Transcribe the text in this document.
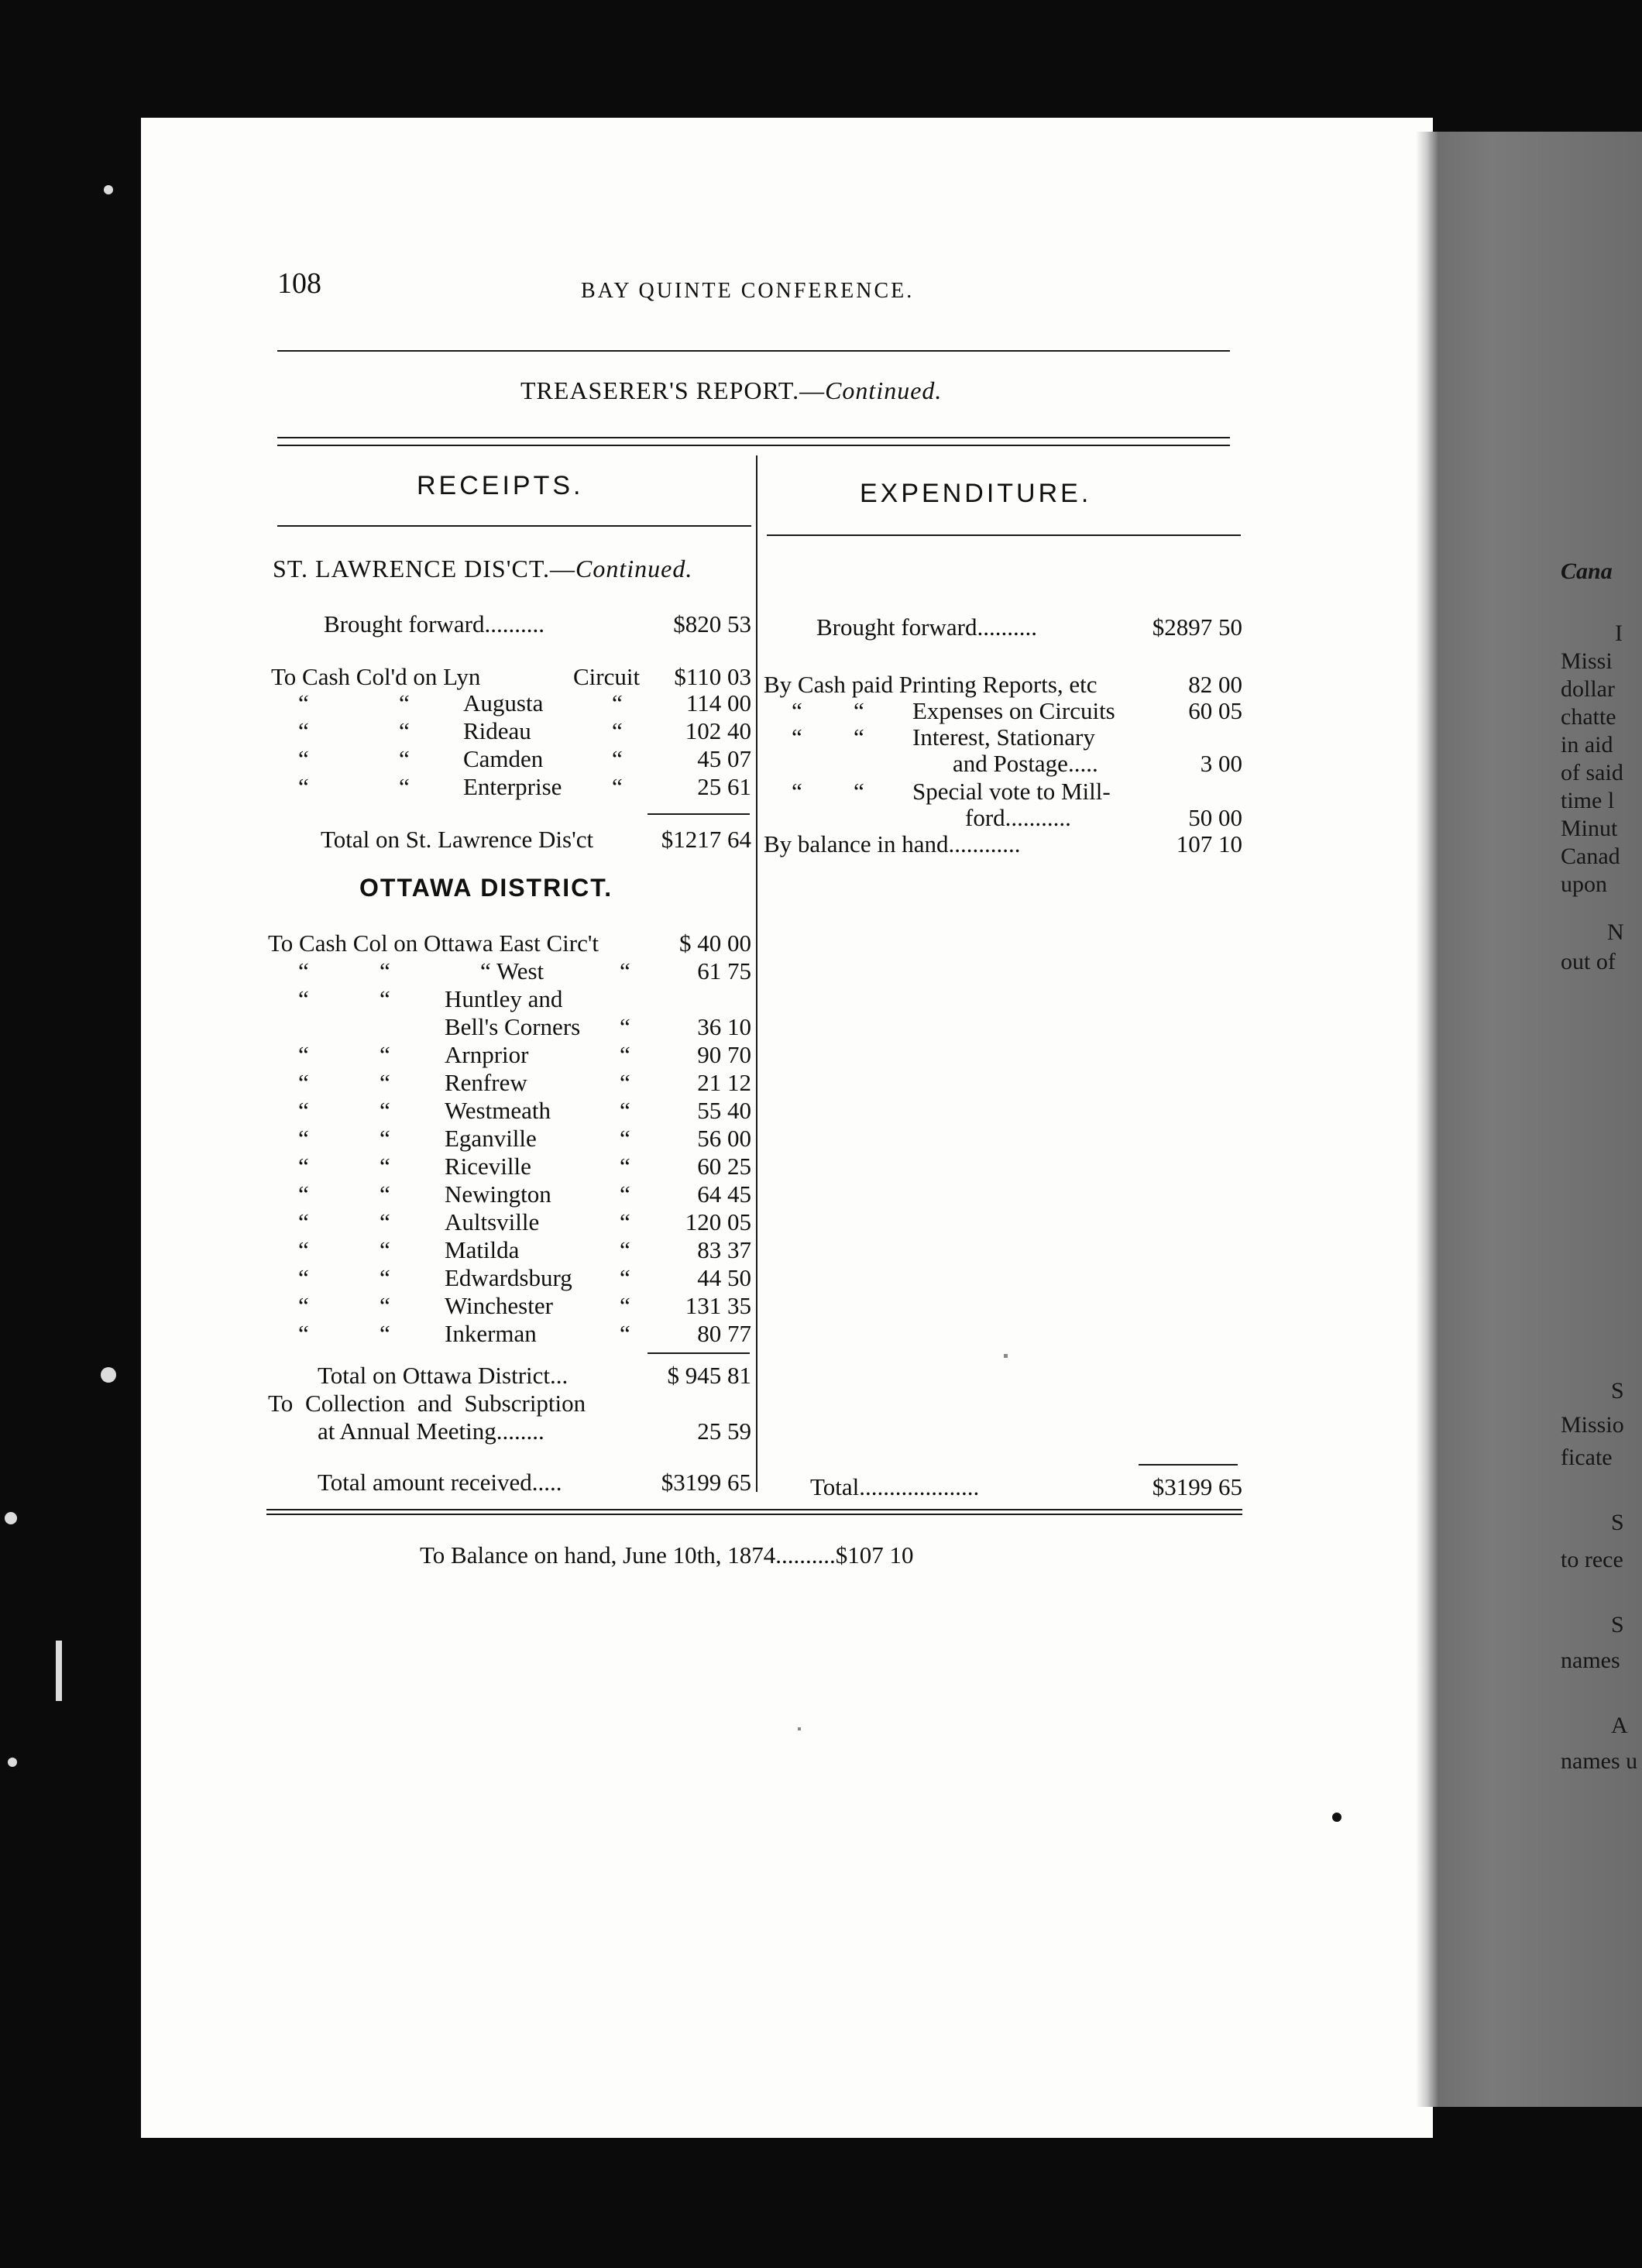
Cana
I
Missi
dollar
chatte
in aid
of said
time l
Minut
Canad
upon
N
out of
S
Missio
ficate
S
to rece
S
names
A
names u
108	BAY QUINTE CONFERENCE.
TREASERER'S REPORT.—Continued.
RECEIPTS.	EXPENDITURE.
ST. LAWRENCE DIS'CT.—Continued.
Brought forward..........	$820 53
To Cash Col'd on Lyn	Circuit $110 03
“	“ Augusta	“	114 00
“	“ Rideau	“	102 40
“	“ Camden	“	45 07
“	“ Enterprise “	25 61
Total on St. Lawrence Dis'ct	$1217 64
OTTAWA DISTRICT.
To Cash Col on Ottawa East Circ't	$ 40 00
“	“	“ West	“	61 75
“	“ Huntley and
Bell's Corners “	36 10
“	“ Arnprior	“	90 70
“	“ Renfrew	“	21 12
“	“ Westmeath	“	55 40
“	“ Eganville	“	56 00
“	“ Riceville	“	60 25
“	“ Newington	“	64 45
“	“ Aultsville	“ 120 05
“	“ Matilda	“	83 37
“	“ Edwardsburg “	44 50
“	“ Winchester	“ 131 35
“	“ Inkerman	“	80 77
Total on Ottawa District...	$ 945 81
To Collection and Subscription
at Annual Meeting........	25 59
Total amount received.....	$3199 65
Brought forward..........	$2897 50
By Cash paid Printing Reports, etc	82 00
“ “ Expenses on Circuits	60 05
“ “ Interest, Stationary
and Postage.....	3 00
“ “ Special vote to Mill-
ford...........	50 00
By balance in hand............	107 10
Total....................	$3199 65
To Balance on hand, June 10th, 1874..........$107 10
